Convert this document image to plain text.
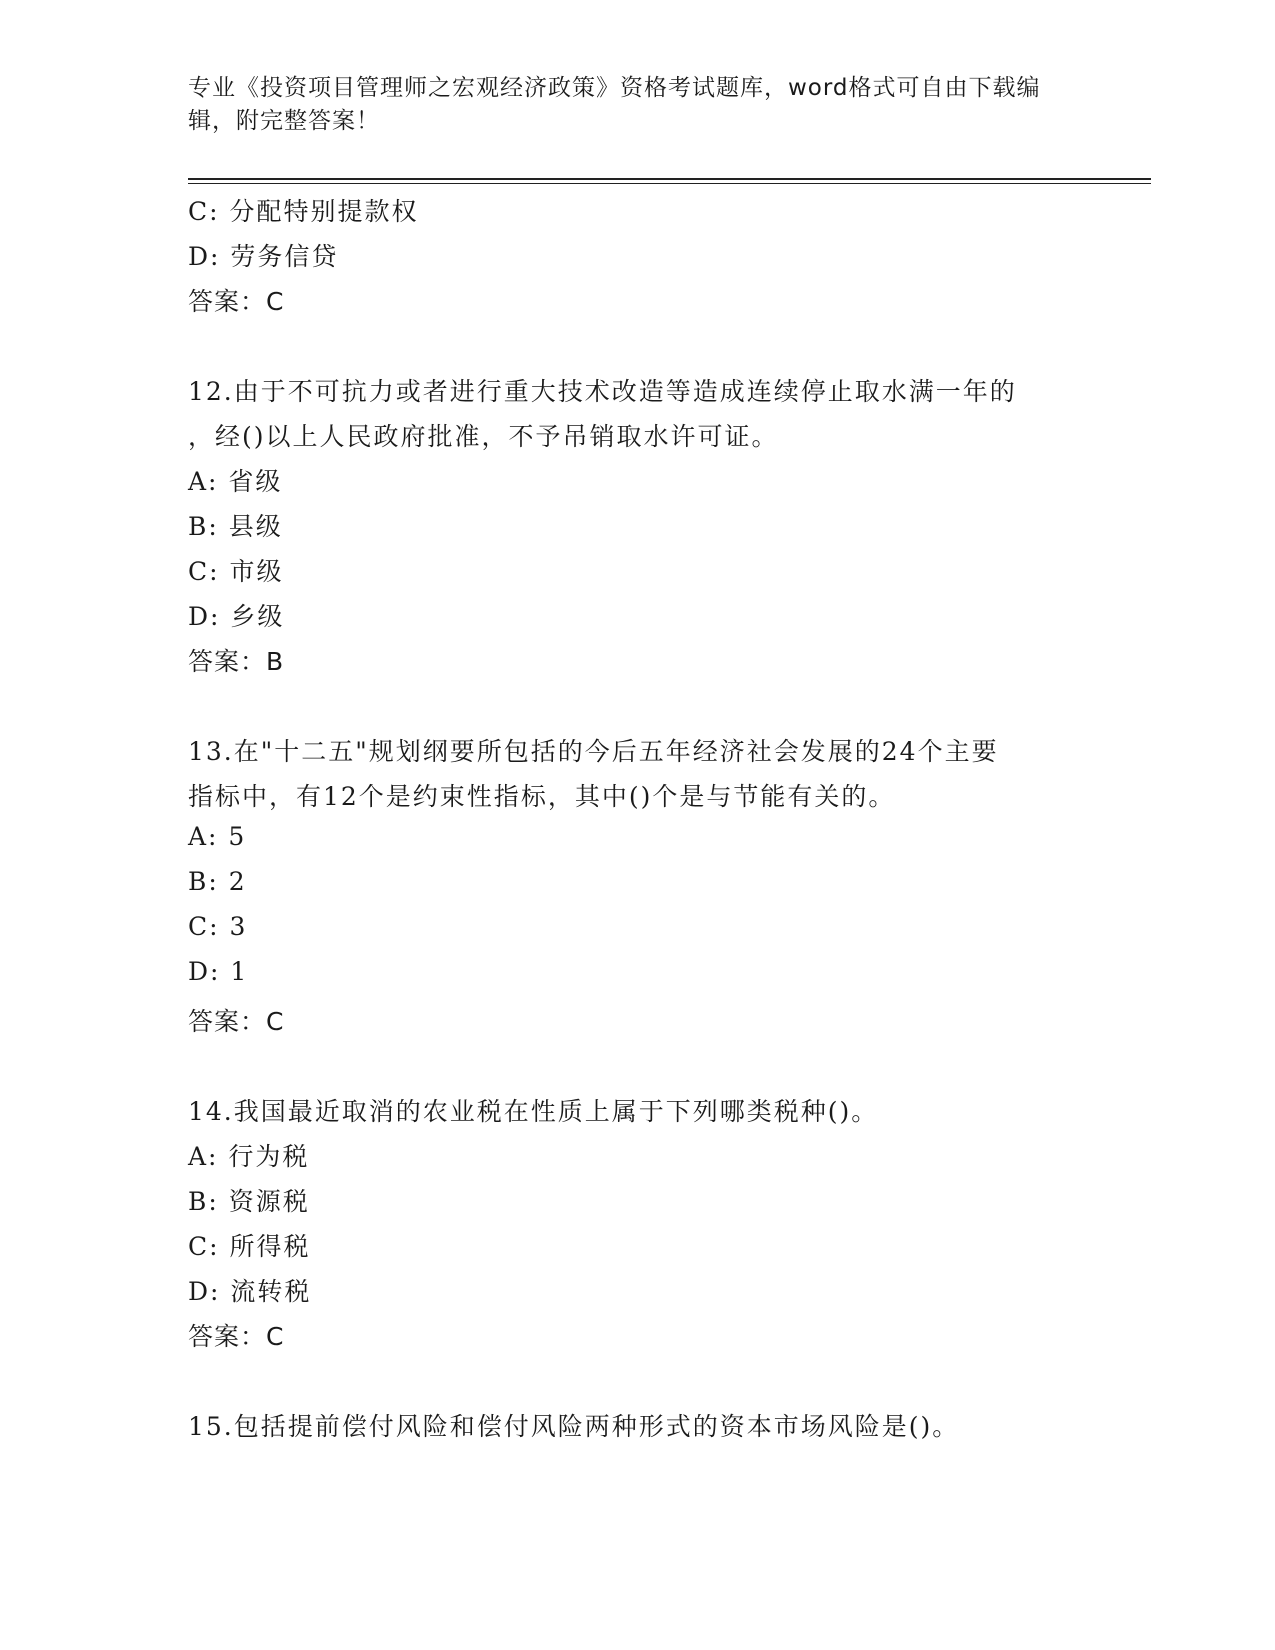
专业《投资项目管理师之宏观经济政策》资格考试题库，word格式可自由下载编
辑，附完整答案！
C: 分配特别提款权
D: 劳务信贷
答案：C
12.由于不可抗力或者进行重大技术改造等造成连续停止取水满一年的
，经()以上人民政府批准，不予吊销取水许可证。
A: 省级
B: 县级
C: 市级
D: 乡级
答案：B
13.在"十二五"规划纲要所包括的今后五年经济社会发展的24个主要
指标中，有12个是约束性指标，其中()个是与节能有关的。
A: 5
B: 2
C: 3
D: 1
答案：C
14.我国最近取消的农业税在性质上属于下列哪类税种()。
A: 行为税
B: 资源税
C: 所得税
D: 流转税
答案：C
15.包括提前偿付风险和偿付风险两种形式的资本市场风险是()。
